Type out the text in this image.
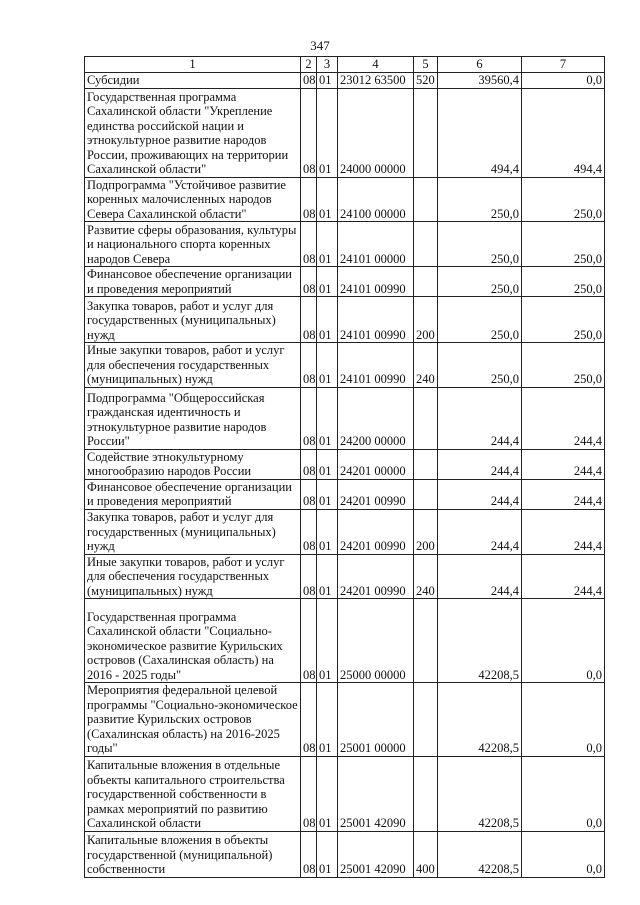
347
1	2	3	4	5	6	7
Субсидии	08	01	23012 63500	520	39560,4	0,0
Государственная программа Сахалинской области "Укрепление единства российской нации и этнокультурное развитие народов России, проживающих на территории Сахалинской области"	08	01	24000 00000		494,4	494,4
Подпрограмма "Устойчивое развитие коренных малочисленных народов Севера Сахалинской области"	08	01	24100 00000		250,0	250,0
Развитие сферы образования, культуры и национального спорта коренных народов Севера	08	01	24101 00000		250,0	250,0
Финансовое обеспечение организации и проведения мероприятий	08	01	24101 00990		250,0	250,0
Закупка товаров, работ и услуг для государственных (муниципальных) нужд	08	01	24101 00990	200	250,0	250,0
Иные закупки товаров, работ и услуг для обеспечения государственных (муниципальных) нужд	08	01	24101 00990	240	250,0	250,0
Подпрограмма "Общероссийская гражданская идентичность и этнокультурное развитие народов России"	08	01	24200 00000		244,4	244,4
Содействие этнокультурному многообразию народов России	08	01	24201 00000		244,4	244,4
Финансовое обеспечение организации и проведения мероприятий	08	01	24201 00990		244,4	244,4
Закупка товаров, работ и услуг для государственных (муниципальных) нужд	08	01	24201 00990	200	244,4	244,4
Иные закупки товаров, работ и услуг для обеспечения государственных (муниципальных) нужд	08	01	24201 00990	240	244,4	244,4
Государственная программа Сахалинской области "Социально-экономическое развитие Курильских островов (Сахалинская область) на 2016 - 2025 годы"	08	01	25000 00000		42208,5	0,0
Мероприятия федеральной целевой программы "Социально-экономическое развитие Курильских островов (Сахалинская область) на 2016-2025 годы"	08	01	25001 00000		42208,5	0,0
Капитальные вложения в отдельные объекты капитального строительства государственной собственности в рамках мероприятий по развитию Сахалинской области	08	01	25001 42090		42208,5	0,0
Капитальные вложения в объекты государственной (муниципальной) собственности	08	01	25001 42090	400	42208,5	0,0
